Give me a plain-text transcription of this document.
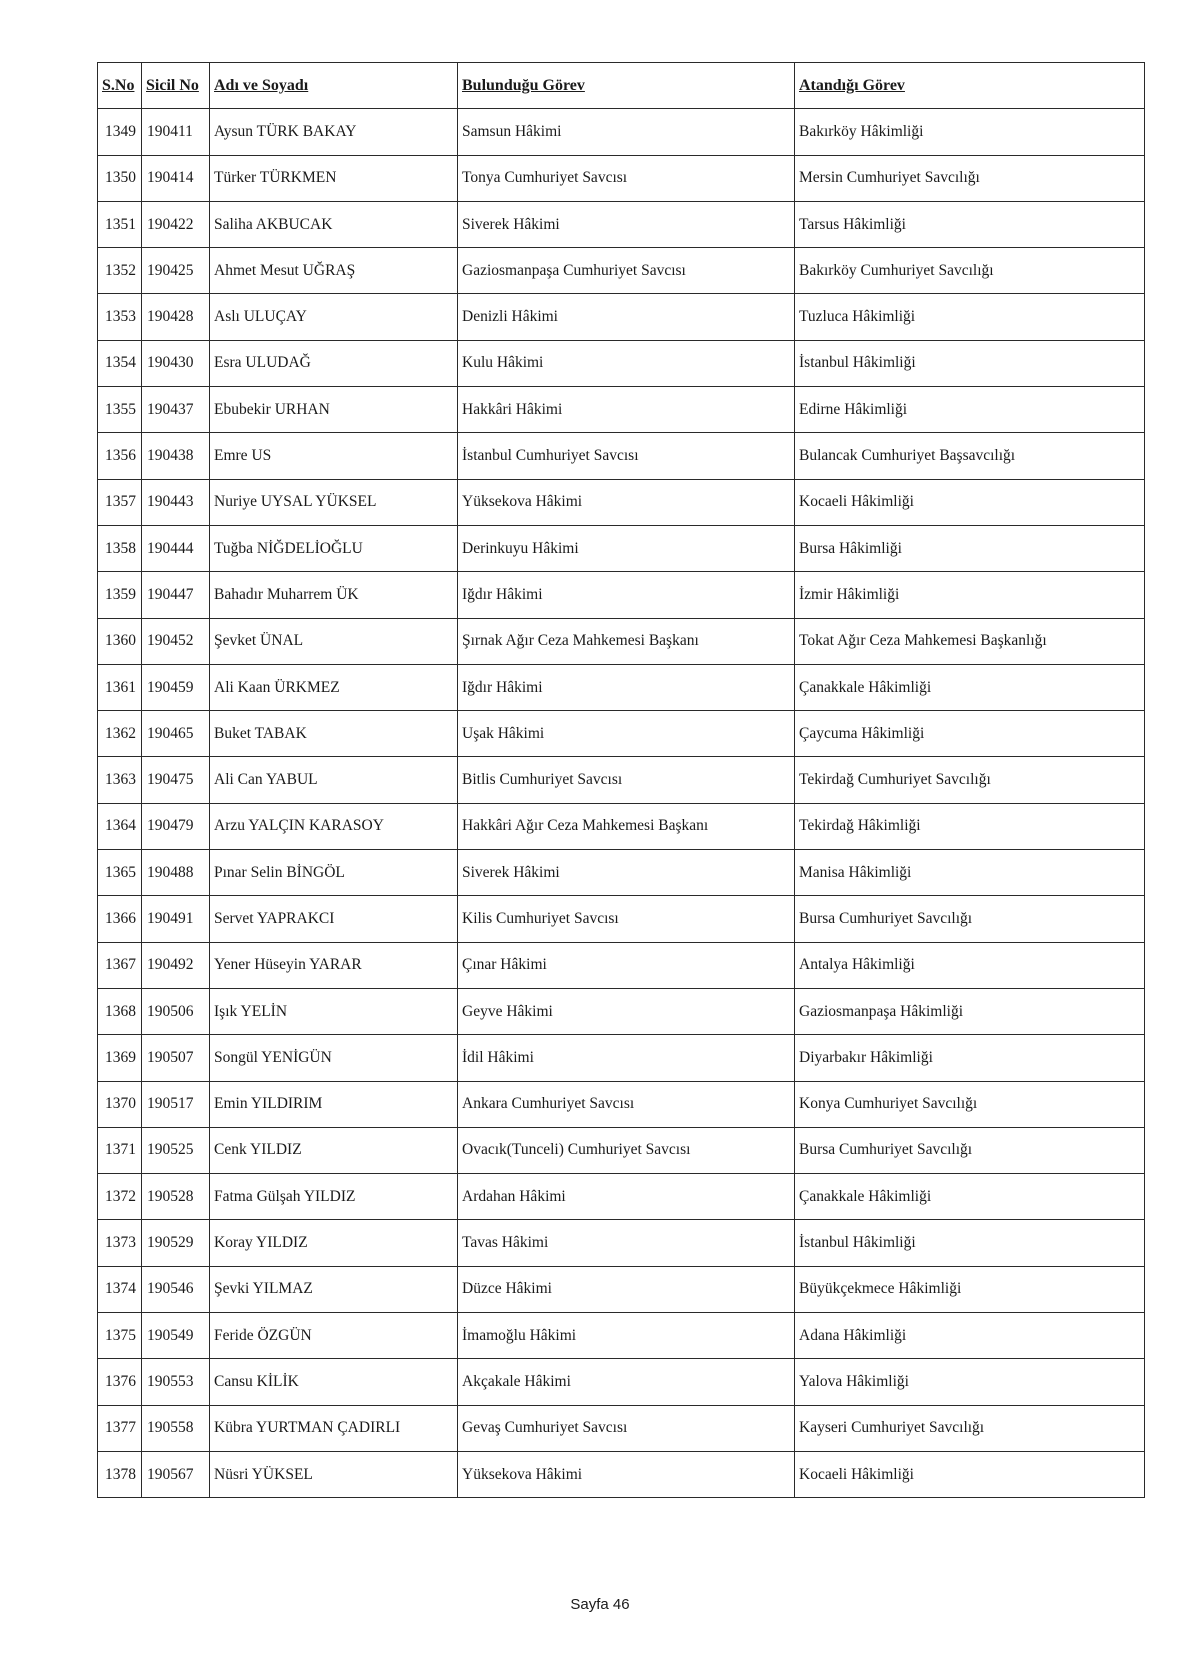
S.No	Sicil No	Adı ve Soyadı	Bulunduğu Görev	Atandığı Görev
1349	190411	Aysun TÜRK BAKAY	Samsun Hâkimi	Bakırköy Hâkimliği
1350	190414	Türker TÜRKMEN	Tonya Cumhuriyet Savcısı	Mersin Cumhuriyet Savcılığı
1351	190422	Saliha AKBUCAK	Siverek Hâkimi	Tarsus Hâkimliği
1352	190425	Ahmet Mesut UĞRAŞ	Gaziosmanpaşa Cumhuriyet Savcısı	Bakırköy Cumhuriyet Savcılığı
1353	190428	Aslı ULUÇAY	Denizli Hâkimi	Tuzluca Hâkimliği
1354	190430	Esra ULUDAĞ	Kulu Hâkimi	İstanbul Hâkimliği
1355	190437	Ebubekir URHAN	Hakkâri Hâkimi	Edirne Hâkimliği
1356	190438	Emre US	İstanbul Cumhuriyet Savcısı	Bulancak Cumhuriyet Başsavcılığı
1357	190443	Nuriye UYSAL YÜKSEL	Yüksekova Hâkimi	Kocaeli Hâkimliği
1358	190444	Tuğba NİĞDELİOĞLU	Derinkuyu Hâkimi	Bursa Hâkimliği
1359	190447	Bahadır Muharrem ÜK	Iğdır Hâkimi	İzmir Hâkimliği
1360	190452	Şevket ÜNAL	Şırnak Ağır Ceza Mahkemesi Başkanı	Tokat Ağır Ceza Mahkemesi Başkanlığı
1361	190459	Ali Kaan ÜRKMEZ	Iğdır Hâkimi	Çanakkale Hâkimliği
1362	190465	Buket TABAK	Uşak Hâkimi	Çaycuma Hâkimliği
1363	190475	Ali Can YABUL	Bitlis Cumhuriyet Savcısı	Tekirdağ Cumhuriyet Savcılığı
1364	190479	Arzu YALÇIN KARASOY	Hakkâri Ağır Ceza Mahkemesi Başkanı	Tekirdağ Hâkimliği
1365	190488	Pınar Selin BİNGÖL	Siverek Hâkimi	Manisa Hâkimliği
1366	190491	Servet YAPRAKCI	Kilis Cumhuriyet Savcısı	Bursa Cumhuriyet Savcılığı
1367	190492	Yener Hüseyin YARAR	Çınar Hâkimi	Antalya Hâkimliği
1368	190506	Işık YELİN	Geyve Hâkimi	Gaziosmanpaşa Hâkimliği
1369	190507	Songül YENİGÜN	İdil Hâkimi	Diyarbakır Hâkimliği
1370	190517	Emin YILDIRIM	Ankara Cumhuriyet Savcısı	Konya Cumhuriyet Savcılığı
1371	190525	Cenk YILDIZ	Ovacık(Tunceli) Cumhuriyet Savcısı	Bursa Cumhuriyet Savcılığı
1372	190528	Fatma Gülşah YILDIZ	Ardahan Hâkimi	Çanakkale Hâkimliği
1373	190529	Koray YILDIZ	Tavas Hâkimi	İstanbul Hâkimliği
1374	190546	Şevki YILMAZ	Düzce Hâkimi	Büyükçekmece Hâkimliği
1375	190549	Feride ÖZGÜN	İmamoğlu Hâkimi	Adana Hâkimliği
1376	190553	Cansu KİLİK	Akçakale Hâkimi	Yalova Hâkimliği
1377	190558	Kübra YURTMAN ÇADIRLI	Gevaş Cumhuriyet Savcısı	Kayseri Cumhuriyet Savcılığı
1378	190567	Nüsri YÜKSEL	Yüksekova Hâkimi	Kocaeli Hâkimliği
Sayfa 46
